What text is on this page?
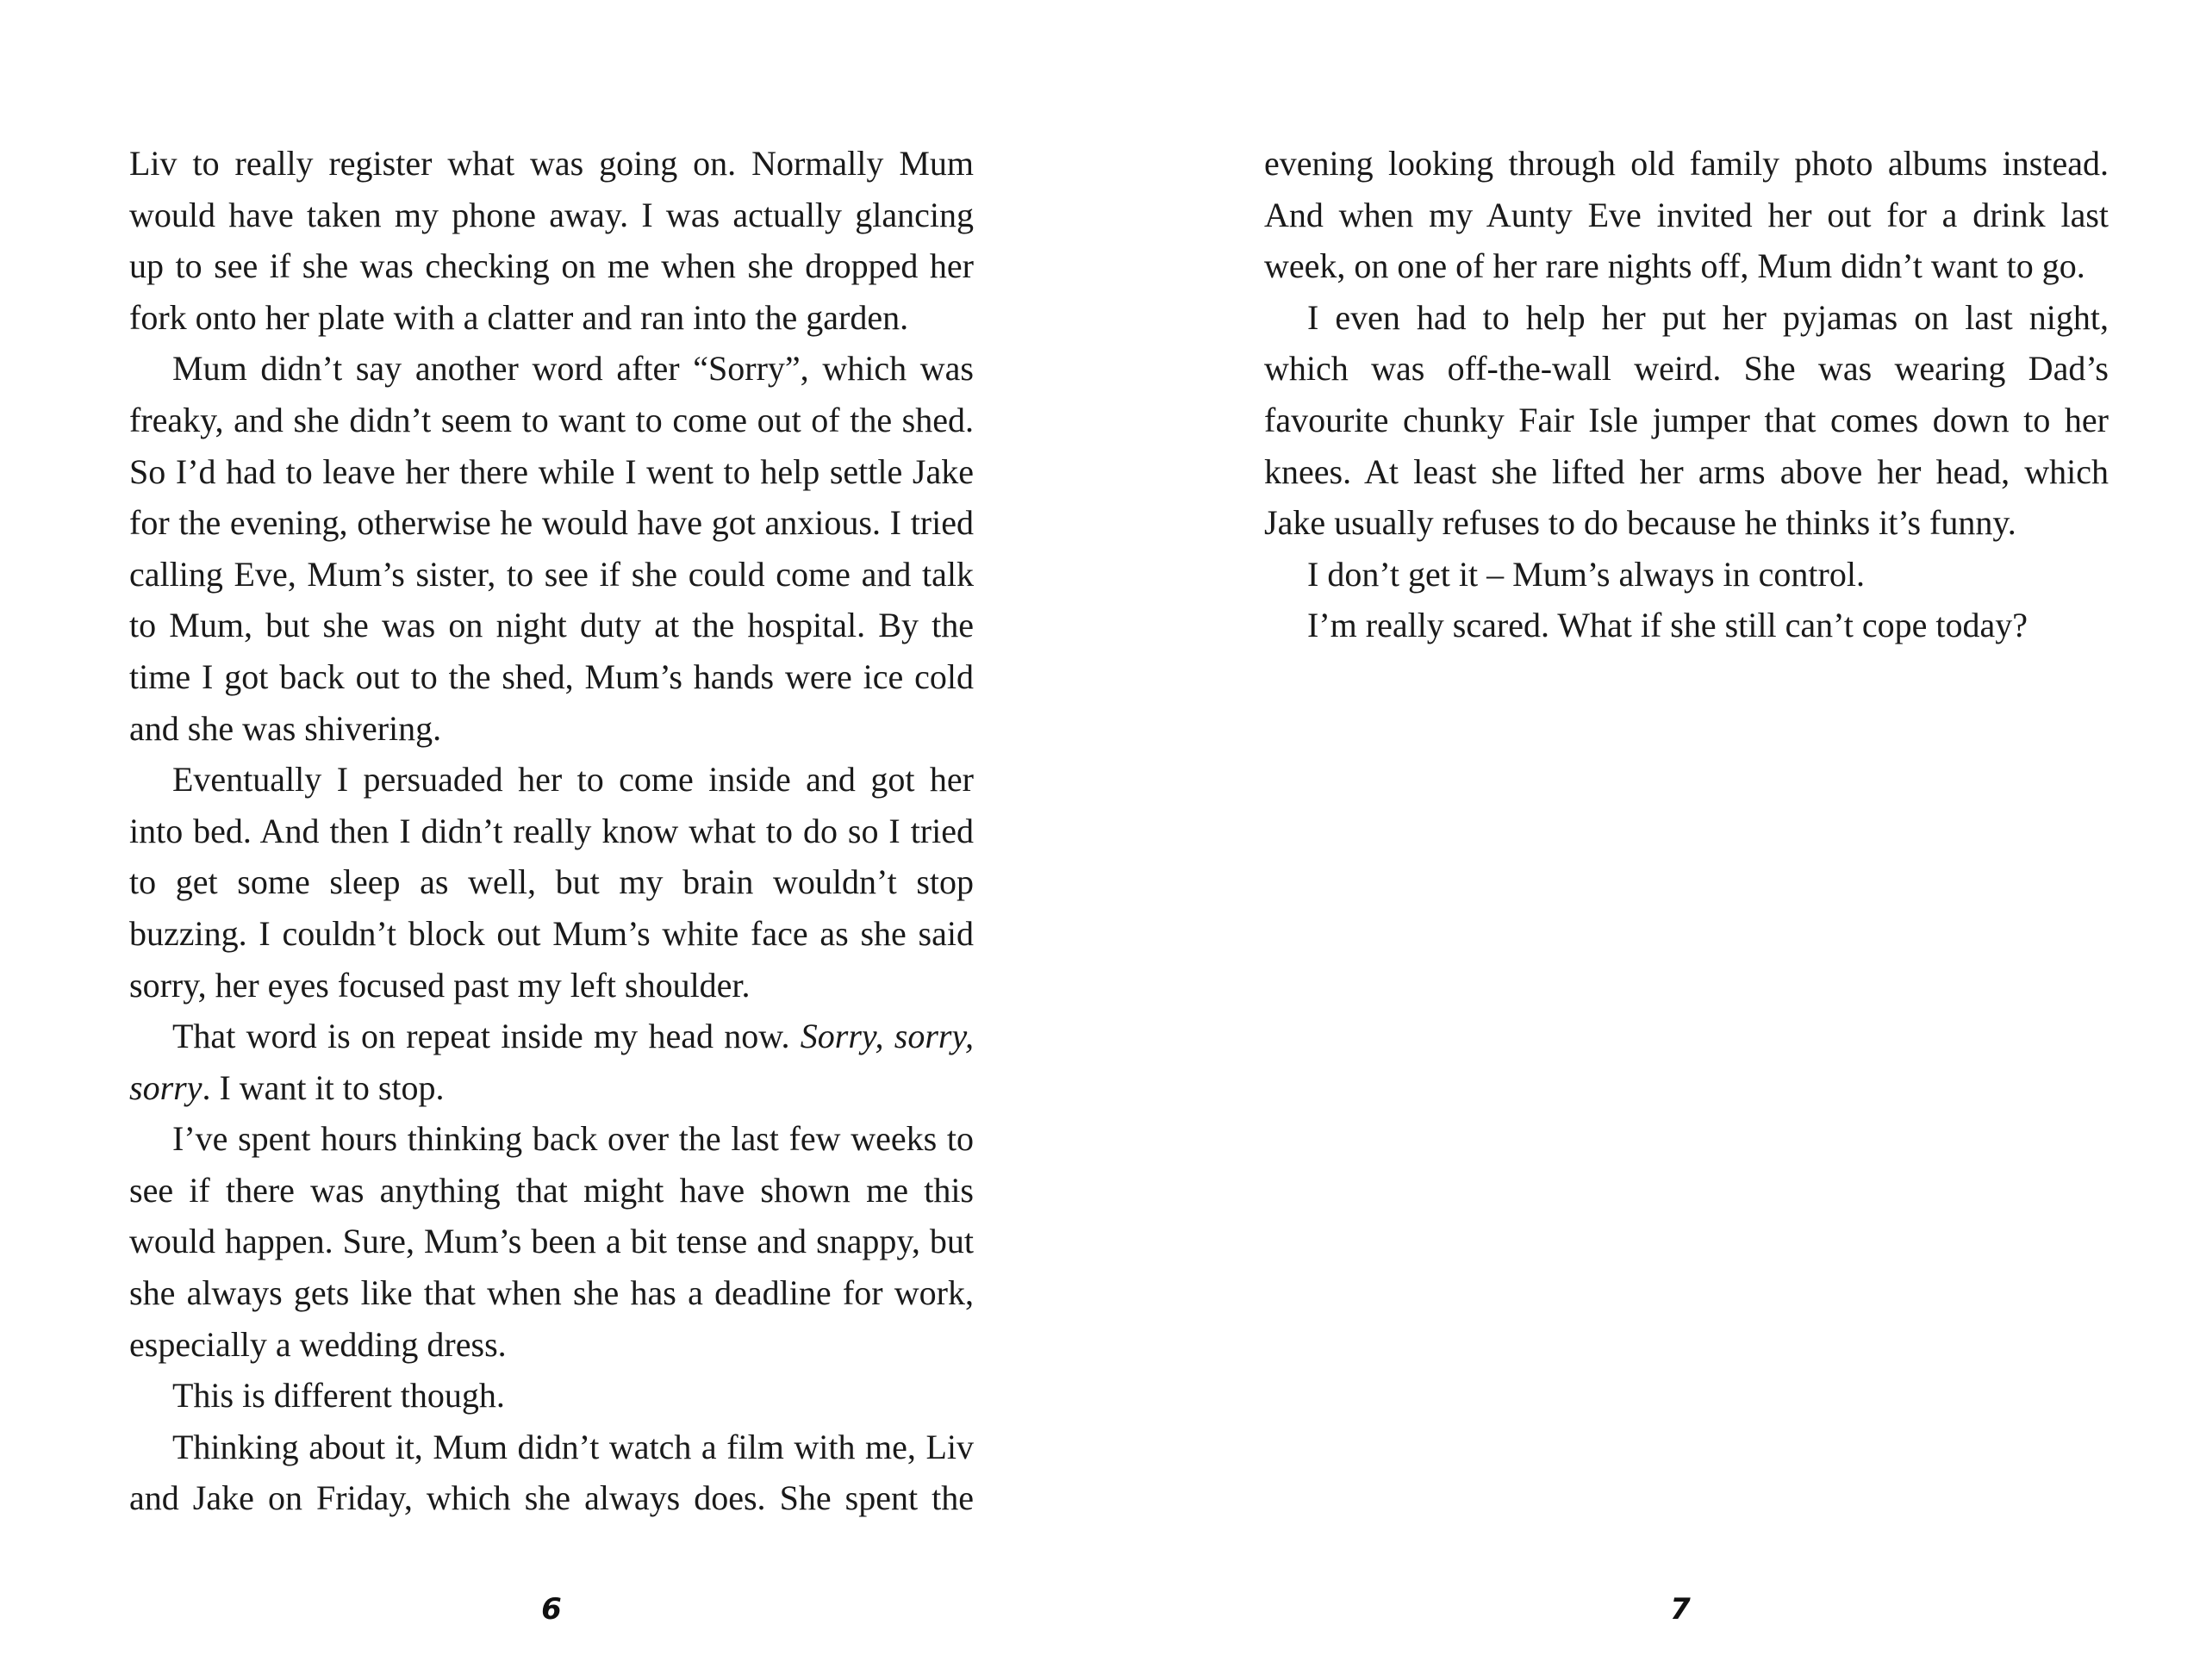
Liv to really register what was going on. Normally Mum would have taken my phone away. I was actually glancing up to see if she was checking on me when she dropped her fork onto her plate with a clatter and ran into the garden.

Mum didn’t say another word after “Sorry”, which was freaky, and she didn’t seem to want to come out of the shed. So I’d had to leave her there while I went to help settle Jake for the evening, otherwise he would have got anxious. I tried calling Eve, Mum’s sister, to see if she could come and talk to Mum, but she was on night duty at the hospital. By the time I got back out to the shed, Mum’s hands were ice cold and she was shivering.

Eventually I persuaded her to come inside and got her into bed. And then I didn’t really know what to do so I tried to get some sleep as well, but my brain wouldn’t stop buzzing. I couldn’t block out Mum’s white face as she said sorry, her eyes focused past my left shoulder.

That word is on repeat inside my head now. Sorry, sorry, sorry. I want it to stop.

I’ve spent hours thinking back over the last few weeks to see if there was anything that might have shown me this would happen. Sure, Mum’s been a bit tense and snappy, but she always gets like that when she has a deadline for work, especially a wedding dress.

This is different though.

Thinking about it, Mum didn’t watch a film with me, Liv and Jake on Friday, which she always does. She spent the

6

evening looking through old family photo albums instead. And when my Aunty Eve invited her out for a drink last week, on one of her rare nights off, Mum didn’t want to go.

I even had to help her put her pyjamas on last night, which was off-the-wall weird. She was wearing Dad’s favourite chunky Fair Isle jumper that comes down to her knees. At least she lifted her arms above her head, which Jake usually refuses to do because he thinks it’s funny.

I don’t get it – Mum’s always in control.

I’m really scared. What if she still can’t cope today?

7
